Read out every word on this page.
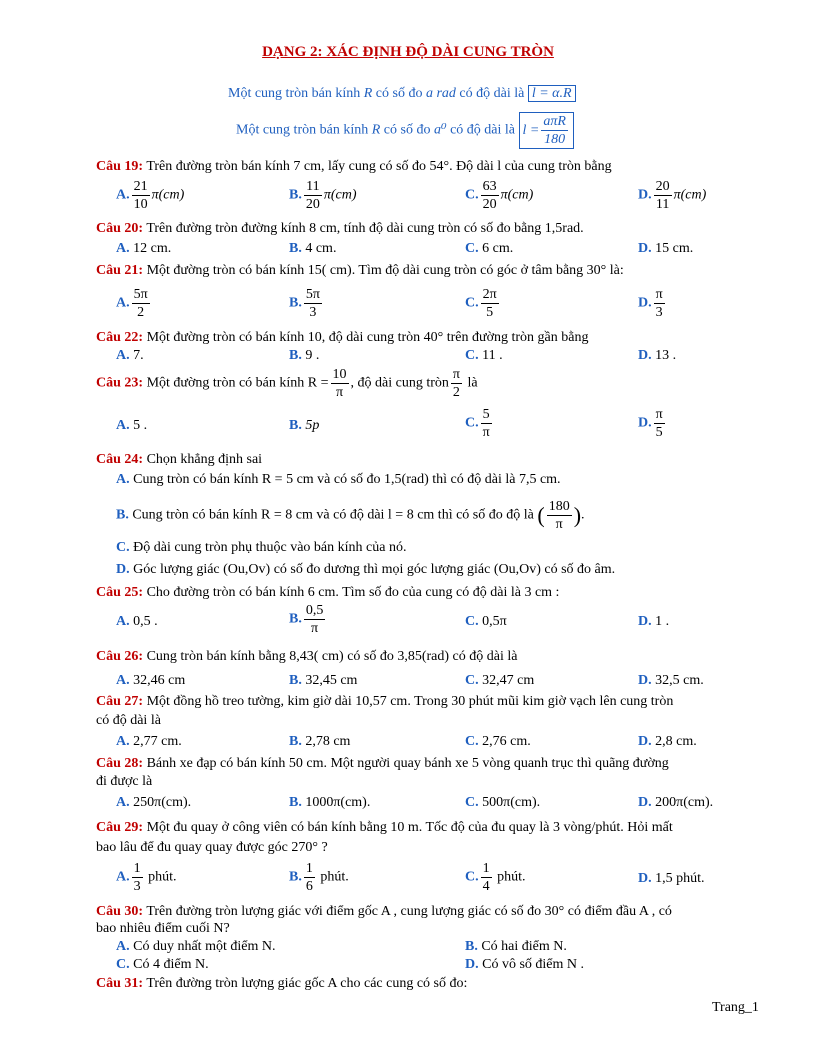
DẠNG 2: XÁC ĐỊNH ĐỘ DÀI CUNG TRÒN
Một cung tròn bán kính R có số đo a rad có độ dài là l = α.R
Một cung tròn bán kính R có số đo a⁰ có độ dài là $l = \frac{\text{aπR}}{180}$
Câu 19: Trên đường tròn bán kính 7 cm, lấy cung có số đo 54°. Độ dài l của cung tròn bằng
A. $\frac{21}{10} \pi(cm)$	B. $\frac{11}{20} \pi(cm)$	C. $\frac{63}{20} \pi(cm)$	D. $\frac{20}{11} \pi(cm)$
Câu 20: Trên đường tròn đường kính 8 cm, tính độ dài cung tròn có số đo bằng 1,5rad.
A. 12 cm.	B. 4 cm.	C. 6 cm.	D. 15 cm.
Câu 21: Một đường tròn có bán kính 15( cm). Tìm độ dài cung tròn có góc ở tâm bằng 30° là:
A. $\frac{5\pi}{2}$	B. $\frac{5\pi}{3}$	C. $\frac{2\pi}{5}$	D. $\frac{\pi}{3}$
Câu 22: Một đường tròn có bán kính 10, độ dài cung tròn 40° trên đường tròn gần bằng
A. 7.	B. 9 .	C. 11 .	D. 13 .
Câu 23: Một đường tròn có bán kính $R = \frac{10}{\pi}$ , độ dài cung tròn $\frac{\pi}{2}$ là
A. 5 .	B. 5p	C. $\frac{5}{\pi}$	D. $\frac{\pi}{5}$
Câu 24: Chọn khẳng định sai
A. Cung tròn có bán kính R = 5 cm và có số đo 1,5(rad) thì có độ dài là 7,5 cm.
B. Cung tròn có bán kính R = 8 cm và có độ dài l = 8 cm thì có số đo độ là ( $\frac{180}{\pi}$ ).
C. Độ dài cung tròn phụ thuộc vào bán kính của nó.
D. Góc lượng giác (Ou,Ov) có số đo dương thì mọi góc lượng giác (Ou,Ov) có số đo âm.
Câu 25: Cho đường tròn có bán kính 6 cm. Tìm số đo của cung có độ dài là 3 cm :
A. 0,5 .	B. $\frac{0,5}{\pi}$	C. 0,5π	D. 1 .
Câu 26: Cung tròn bán kính bằng 8,43( cm) có số đo 3,85(rad) có độ dài là
A. 32,46 cm	B. 32,45 cm	C. 32,47 cm	D. 32,5 cm.
Câu 27: Một đồng hồ treo tường, kim giờ dài 10,57 cm. Trong 30 phút mũi kim giờ vạch lên cung tròn
có độ dài là
A. 2,77 cm.	B. 2,78 cm	C. 2,76 cm.	D. 2,8 cm.
Câu 28: Bánh xe đạp có bán kính 50 cm. Một người quay bánh xe 5 vòng quanh trục thì quãng đường
đi được là
A. 250π(cm).	B. 1000π(cm).	C. 500π(cm).	D. 200π(cm).
Câu 29: Một đu quay ở công viên có bán kính bằng 10 m. Tốc độ của đu quay là 3 vòng/phút. Hỏi mất
bao lâu để đu quay quay được góc 270° ?
A. $\frac{1}{3}$ phút.	B. $\frac{1}{6}$ phút.	C. $\frac{1}{4}$ phút.	D. 1,5 phút.
Câu 30: Trên đường tròn lượng giác với điểm gốc A , cung lượng giác có số đo 30° có điểm đầu A , có
bao nhiêu điểm cuối N?
A. Có duy nhất một điểm N.	B. Có hai điểm N.
C. Có 4 điểm N.	D. Có vô số điểm N .
Câu 31: Trên đường tròn lượng giác gốc A cho các cung có số đo:
Trang_1
